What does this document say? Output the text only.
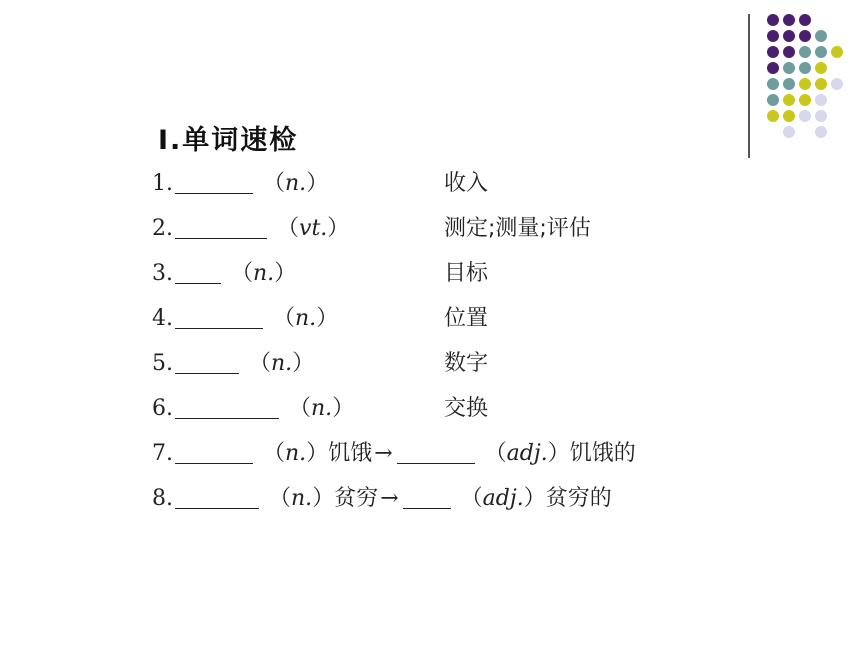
Ⅰ.单词速检
1.	（n.）	收入
2.	（vt.）	测定;测量;评估
3.	（n.）	目标
4.	（n.）	位置
5.	（n.）	数字
6.	（n.）	交换
7.	（n.）饥饿→	（adj.）饥饿的
8.	（n.）贫穷→	（adj.）贫穷的
